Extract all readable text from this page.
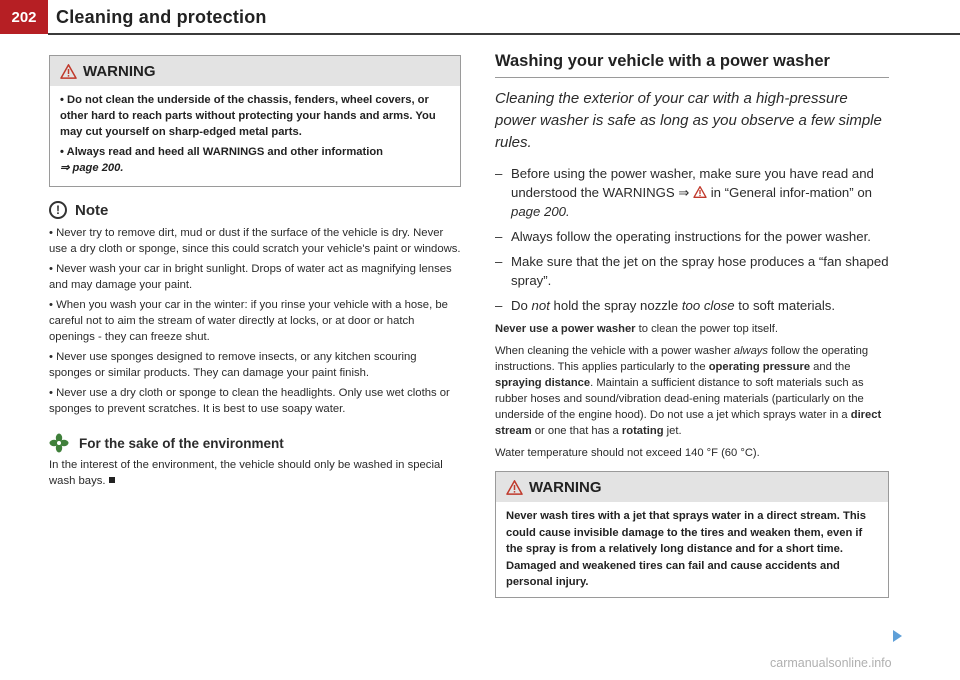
202	Cleaning and protection
WARNING

• Do not clean the underside of the chassis, fenders, wheel covers, or other hard to reach parts without protecting your hands and arms. You may cut yourself on sharp-edged metal parts.

• Always read and heed all WARNINGS and other information

⇒ page 200.

!	Note

• Never try to remove dirt, mud or dust if the surface of the vehicle is dry. Never use a dry cloth or sponge, since this could scratch your vehicle's paint or windows.

• Never wash your car in bright sunlight. Drops of water act as magnifying lenses and may damage your paint.

• When you wash your car in the winter: if you rinse your vehicle with a hose, be careful not to aim the stream of water directly at locks, or at door or hatch openings - they can freeze shut.

• Never use sponges designed to remove insects, or any kitchen scouring sponges or similar products. They can damage your paint finish.

• Never use a dry cloth or sponge to clean the headlights. Only use wet cloths or sponges to prevent scratches. It is best to use soapy water.

For the sake of the environment

In the interest of the environment, the vehicle should only be washed in special wash bays.

Washing your vehicle with a power washer

Cleaning the exterior of your car with a high-pressure power washer is safe as long as you observe a few simple rules.

– Before using the power washer, make sure you have read and understood the WARNINGS ⇒  in “General infor-mation” on page 200.
– Always follow the operating instructions for the power washer.
– Make sure that the jet on the spray hose produces a “fan shaped spray”.
– Do not hold the spray nozzle too close to soft materials.

Never use a power washer to clean the power top itself.

When cleaning the vehicle with a power washer always follow the operating instructions. This applies particularly to the operating pressure and the spraying distance. Maintain a sufficient distance to soft materials such as rubber hoses and sound/vibration dead-ening materials (particularly on the underside of the engine hood). Do not use a jet which sprays water in a direct stream or one that has a rotating jet.

Water temperature should not exceed 140 °F (60 °C).

WARNING
Never wash tires with a jet that sprays water in a direct stream. This could cause invisible damage to the tires and weaken them, even if the spray is from a relatively long distance and for a short time. Damaged and weakened tires can fail and cause accidents and personal injury.
carmanualsonline.info
